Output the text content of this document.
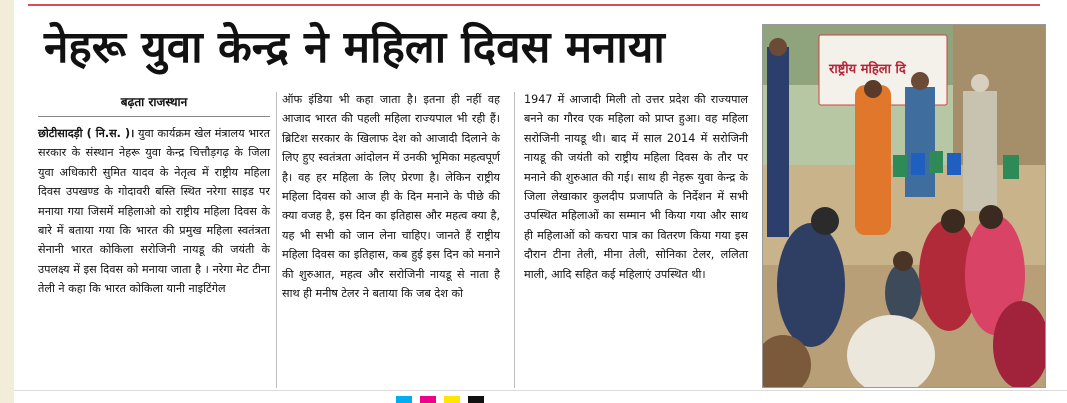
नेहरू युवा केन्द्र ने महिला दिवस मनाया
बढ़ता राजस्थान

छोटीसादड़ी ( नि.स. )। युवा कार्यक्रम खेल मंत्रालय भारत सरकार के संस्थान नेहरू युवा केन्द्र चित्तौड़गढ़ के जिला युवा अधिकारी सुमित यादव के नेतृत्व में राष्ट्रीय महिला दिवस उपखण्ड के गोदावरी बस्ति स्थित नरेगा साइड पर मनाया गया जिसमें महिलाओ को राष्ट्रीय महिला दिवस के बारे में बताया गया कि भारत की प्रमुख महिला स्वतंत्रता सेनानी भारत कोकिला सरोजिनी नायडू की जयंती के उपलक्ष्य में इस दिवस को मनाया जाता है । नरेगा मेट टीना तेली ने कहा कि भारत कोकिला यानी नाइटिंगेल

ऑफ इंडिया भी कहा जाता है। इतना ही नहीं वह आजाद भारत की पहली महिला राज्यपाल भी रही हैं। ब्रिटिश सरकार के खिलाफ देश को आजादी दिलाने के लिए हुए स्वतंत्रता आंदोलन में उनकी भूमिका महत्वपूर्ण है। वह हर महिला के लिए प्रेरणा है। लेकिन राष्ट्रीय महिला दिवस को आज ही के दिन मनाने के पीछे की क्या वजह है, इस दिन का इतिहास और महत्व क्या है, यह भी सभी को जान लेना चाहिए। जानते हैं राष्ट्रीय महिला दिवस का इतिहास, कब हुई इस दिन को मनाने की शुरुआत, महत्व और सरोजिनी नायडू से नाता है साथ ही मनीष टेलर ने बताया कि जब देश को

1947 में आजादी मिली तो उत्तर प्रदेश की राज्यपाल बनने का गौरव एक महिला को प्राप्त हुआ। वह महिला सरोजिनी नायडू थी। बाद में साल 2014 में सरोजिनी नायडू की जयंती को राष्ट्रीय महिला दिवस के तौर पर मनाने की शुरुआत की गई। साथ ही नेहरू युवा केन्द्र के जिला लेखाकार कुलदीप प्रजापति के निर्देशन में सभी उपस्थित महिलाओं का सम्मान भी किया गया और साथ ही महिलाओं को कचरा पात्र का वितरण किया गया इस दौरान टीना तेली, मीना तेली, सोनिका टेलर, ललिता माली, आदि सहित कई महिलाएं उपस्थित थी।

राष्ट्रीय महिला दि
